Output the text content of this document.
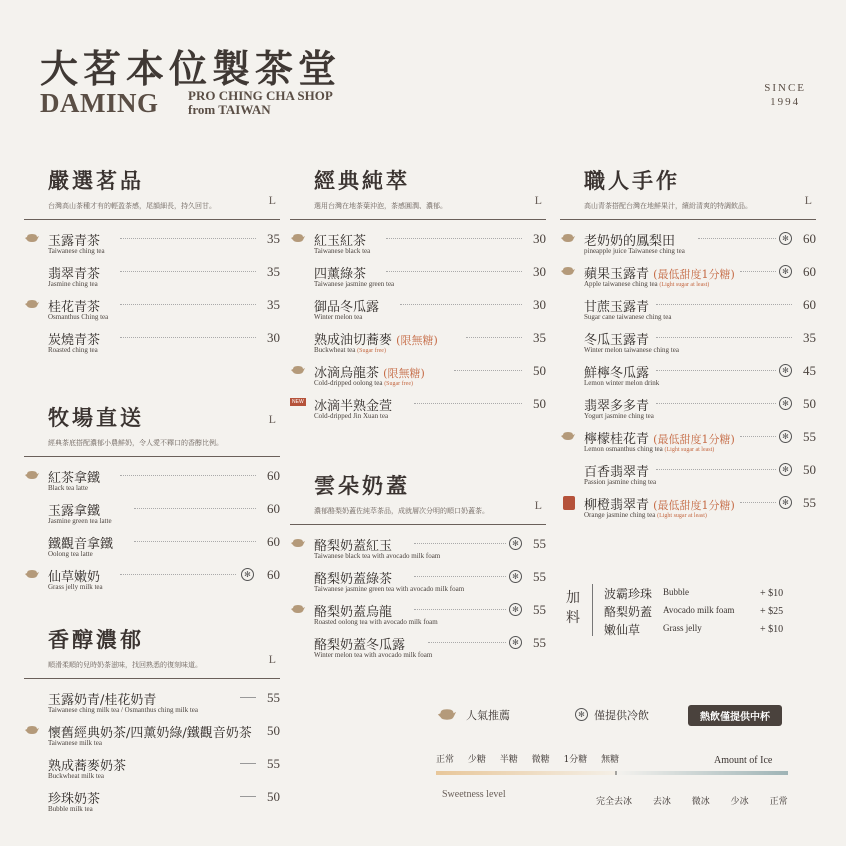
大茗本位製茶堂
DAMING PRO CHING CHA SHOP
from TAIWAN
SINCE
1994
嚴選茗品
台灣高山茶種才有的輕盈茶感，尾韻細長，持久回甘。	L
玉露青茶
Taiwanese ching tea
35
翡翠青茶
Jasmine ching tea
35
桂花青茶
Osmanthus Ching tea
35
炭燒青茶
Roasted ching tea
30
牧場直送
經典茶底搭配濃郁小農鮮奶，令人愛不釋口的香醇比例。
L
紅茶拿鐵
Black tea latte
60
玉露拿鐵
Jasmine green tea latte
60
鐵觀音拿鐵
Oolong tea latte
60
仙草嫩奶
Grass jelly milk tea
✻ 60
香醇濃郁
順滑柔順的兒時奶茶滋味，找回熟悉的復刻味道。	L
玉露奶青/桂花奶青
Taiwanese ching milk tea / Osmanthus ching milk tea
55
懷舊經典奶茶/四薰奶綠/鐵觀音奶茶
Taiwanese milk tea
50
熟成蕎麥奶茶
Buckwheat milk tea
55
珍珠奶茶
Bubble milk tea
50
經典純萃
選用台灣在地茶葉沖泡，茶感圓潤、濃郁。	L
紅玉紅茶
Taiwanese black tea
30
四薰綠茶
Taiwanese jasmine green tea
30
御品冬瓜露
Winter melon tea
30
熟成油切蕎麥 (限無糖)
Buckwheat tea (Sugar free)
35
冰滴烏龍茶 (限無糖)
Cold-dripped oolong tea (Sugar free)
50
NEW 冰滴半熟金萱
Cold-dripped Jin Xuan tea
50
雲朵奶蓋
濃郁酪梨奶蓋佐純萃茶品，成就層次分明的順口奶蓋茶。	L
酪梨奶蓋紅玉
Taiwanese black tea with avocado milk foam
✻ 55
酪梨奶蓋綠茶
Taiwanese jasmine green tea with avocado milk foam
✻ 55
酪梨奶蓋烏龍
Roasted oolong tea with avocado milk foam
✻ 55
酪梨奶蓋冬瓜露
Winter melon tea with avocado milk foam
✻ 55
職人手作
高山青茶搭配台灣在地鮮果汁，繽紛清爽的特調飲品。	L
老奶奶的鳳梨田
pineapple juice Taiwanese ching tea
✻ 60
蘋果玉露青 (最低甜度1分糖)
Apple taiwanese ching tea (Light sugar at least)
✻ 60
甘蔗玉露青
Sugar cane taiwanese ching tea
60
冬瓜玉露青
Winter melon taiwanese ching tea
35
鮮檸冬瓜露
Lemon winter melon drink
✻ 45
翡翠多多青
Yogurt jasmine ching tea
✻ 50
檸檬桂花青 (最低甜度1分糖)
Lemon osmanthus ching tea (Light sugar at least)
✻ 55
百香翡翠青
Passion jasmine ching tea
✻ 50
柳橙翡翠青 (最低甜度1分糖)
Orange jasmine ching tea (Light sugar at least)
✻ 55
加
料
波霸珍珠 Bubble	+ $10
酪梨奶蓋 Avocado milk foam	+ $25
嫩仙草	Grass jelly	+ $10
人氣推薦	✻ 僅提供冷飲	熱飲僅提供中杯
正常 少糖 半糖 微糖 1分糖 無糖	Amount of Ice
Sweetness level
完全去冰 去冰 微冰 少冰 正常
